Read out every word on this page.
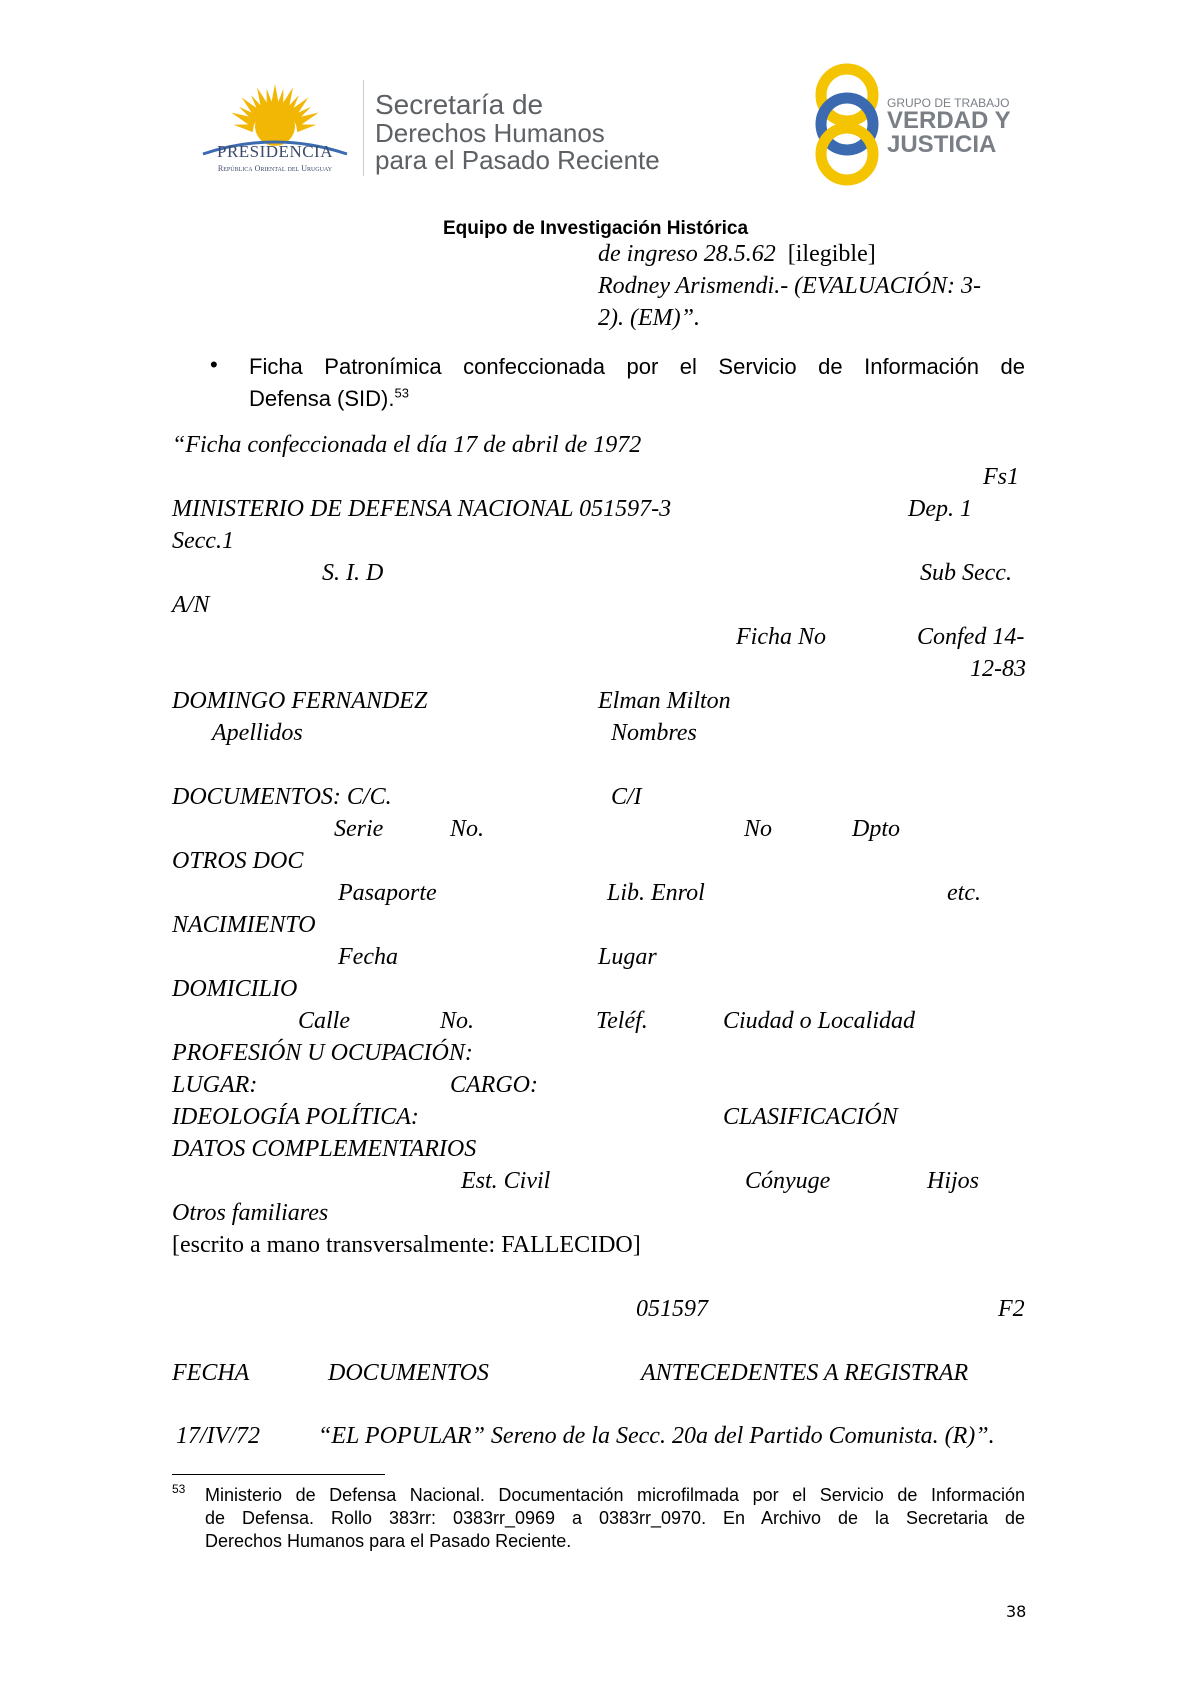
PRESIDENCIA
República Oriental del Uruguay
Secretaría de
Derechos Humanos
para el Pasado Reciente
GRUPO DE TRABAJO
VERDAD Y
JUSTICIA
Equipo de Investigación Histórica
de ingreso 28.5.62 [ilegible]
Rodney Arismendi.- (EVALUACIÓN: 3-
2). (EM)”.
• Ficha Patronímica confeccionada por el Servicio de Información de
Defensa (SID).$^{53}$
“Ficha confeccionada el día 17 de abril de 1972
Fs1
MINISTERIO DE DEFENSA NACIONAL 051597-3	Dep. 1
Secc.1
S. I. D	Sub Secc.
A/N
Ficha No	Confed 14-
12-83
DOMINGO FERNANDEZ	Elman Milton
Apellidos	Nombres
DOCUMENTOS: C/C.	C/I
Serie	No.	No	Dpto
OTROS DOC
Pasaporte	Lib. Enrol	etc.
NACIMIENTO
Fecha	Lugar
DOMICILIO
Calle	No.	Teléf.	Ciudad o Localidad
PROFESIÓN U OCUPACIÓN:
LUGAR:	CARGO:
IDEOLOGÍA POLÍTICA:	CLASIFICACIÓN
DATOS COMPLEMENTARIOS
Est. Civil	Cónyuge	Hijos
Otros familiares
[escrito a mano transversalmente: FALLECIDO]
051597	F2
FECHA	DOCUMENTOS	ANTECEDENTES A REGISTRAR
17/IV/72 “EL POPULAR” Sereno de la Secc. 20a del Partido Comunista. (R)”.
53 Ministerio de Defensa Nacional. Documentación microfilmada por el Servicio de Información
de Defensa. Rollo 383rr: 0383rr_0969 a 0383rr_0970. En Archivo de la Secretaria de
Derechos Humanos para el Pasado Reciente.
38
